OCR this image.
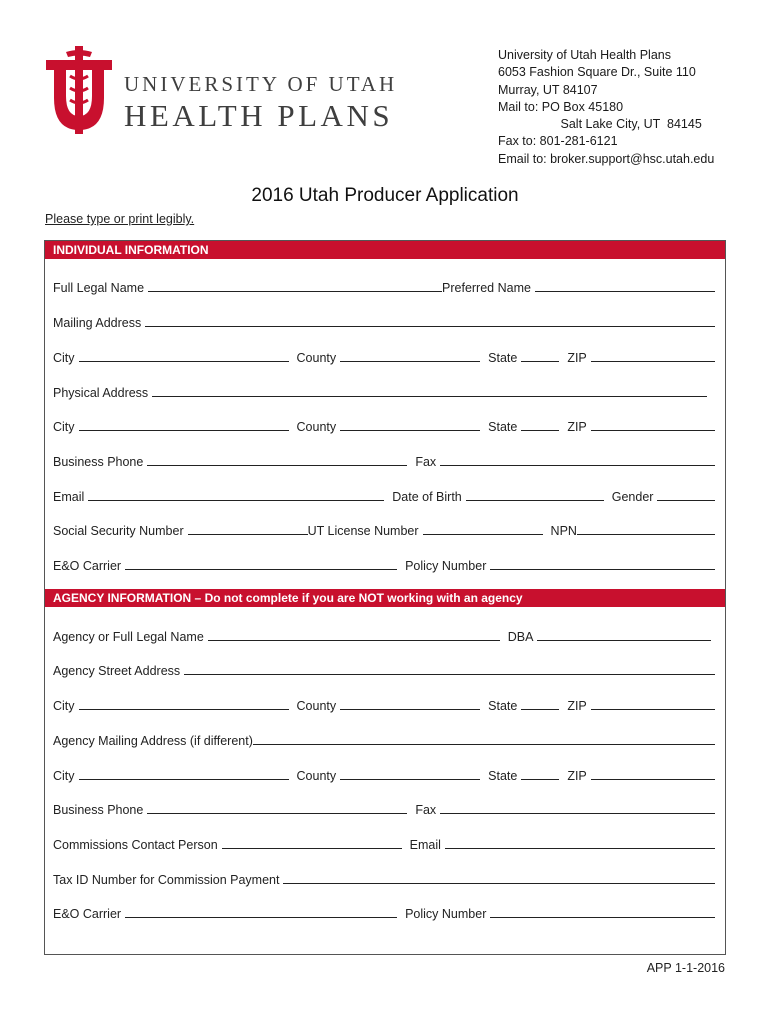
UNIVERSITY OF UTAH
HEALTH PLANS
University of Utah Health Plans
6053 Fashion Square Dr., Suite 110
Murray, UT 84107
Mail to: PO Box 45180
Salt Lake City, UT  84145
Fax to: 801-281-6121
Email to: broker.support@hsc.utah.edu
2016 Utah Producer Application
Please type or print legibly.
INDIVIDUAL INFORMATION
Full Legal Name	Preferred Name
Mailing Address
City	County	State	ZIP
Physical Address
City	County	State	ZIP
Business Phone	Fax
Email	Date of Birth	Gender
Social Security Number	UT License Number	NPN
E&O Carrier	Policy Number
AGENCY INFORMATION – Do not complete if you are NOT working with an agency
Agency or Full Legal Name	DBA
Agency Street Address
City	County	State	ZIP
Agency Mailing Address (if different)
City	County	State	ZIP
Business Phone	Fax
Commissions Contact Person	Email
Tax ID Number for Commission Payment
E&O Carrier	Policy Number
APP 1-1-2016
